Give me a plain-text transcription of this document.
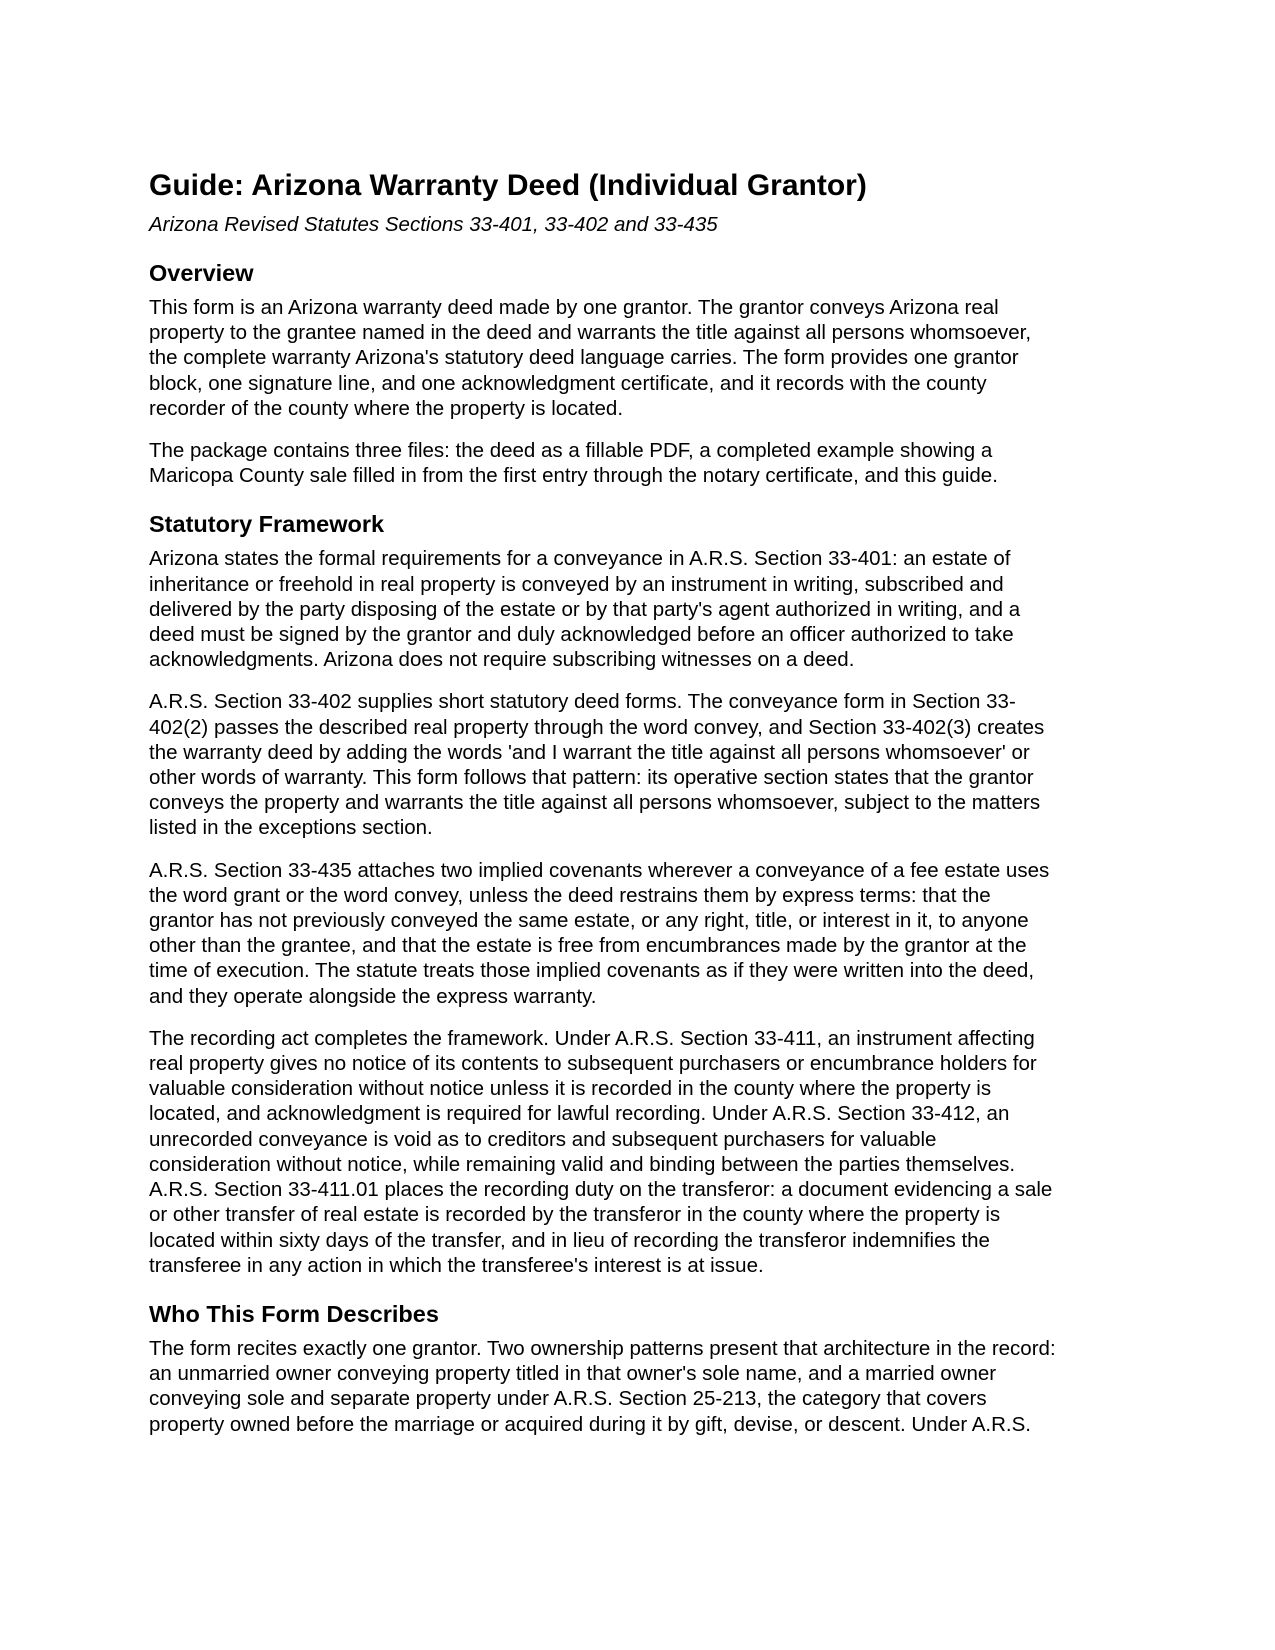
Guide: Arizona Warranty Deed (Individual Grantor)
Arizona Revised Statutes Sections 33-401, 33-402 and 33-435
Overview

This form is an Arizona warranty deed made by one grantor. The grantor conveys Arizona real
property to the grantee named in the deed and warrants the title against all persons whomsoever,
the complete warranty Arizona's statutory deed language carries. The form provides one grantor
block, one signature line, and one acknowledgment certificate, and it records with the county
recorder of the county where the property is located.

The package contains three files: the deed as a fillable PDF, a completed example showing a
Maricopa County sale filled in from the first entry through the notary certificate, and this guide.

Statutory Framework

Arizona states the formal requirements for a conveyance in A.R.S. Section 33-401: an estate of
inheritance or freehold in real property is conveyed by an instrument in writing, subscribed and
delivered by the party disposing of the estate or by that party's agent authorized in writing, and a
deed must be signed by the grantor and duly acknowledged before an officer authorized to take
acknowledgments. Arizona does not require subscribing witnesses on a deed.

A.R.S. Section 33-402 supplies short statutory deed forms. The conveyance form in Section 33-
402(2) passes the described real property through the word convey, and Section 33-402(3) creates
the warranty deed by adding the words 'and I warrant the title against all persons whomsoever' or
other words of warranty. This form follows that pattern: its operative section states that the grantor
conveys the property and warrants the title against all persons whomsoever, subject to the matters
listed in the exceptions section.

A.R.S. Section 33-435 attaches two implied covenants wherever a conveyance of a fee estate uses
the word grant or the word convey, unless the deed restrains them by express terms: that the
grantor has not previously conveyed the same estate, or any right, title, or interest in it, to anyone
other than the grantee, and that the estate is free from encumbrances made by the grantor at the
time of execution. The statute treats those implied covenants as if they were written into the deed,
and they operate alongside the express warranty.

The recording act completes the framework. Under A.R.S. Section 33-411, an instrument affecting
real property gives no notice of its contents to subsequent purchasers or encumbrance holders for
valuable consideration without notice unless it is recorded in the county where the property is
located, and acknowledgment is required for lawful recording. Under A.R.S. Section 33-412, an
unrecorded conveyance is void as to creditors and subsequent purchasers for valuable
consideration without notice, while remaining valid and binding between the parties themselves.
A.R.S. Section 33-411.01 places the recording duty on the transferor: a document evidencing a sale
or other transfer of real estate is recorded by the transferor in the county where the property is
located within sixty days of the transfer, and in lieu of recording the transferor indemnifies the
transferee in any action in which the transferee's interest is at issue.

Who This Form Describes

The form recites exactly one grantor. Two ownership patterns present that architecture in the record:
an unmarried owner conveying property titled in that owner's sole name, and a married owner
conveying sole and separate property under A.R.S. Section 25-213, the category that covers
property owned before the marriage or acquired during it by gift, devise, or descent. Under A.R.S.
